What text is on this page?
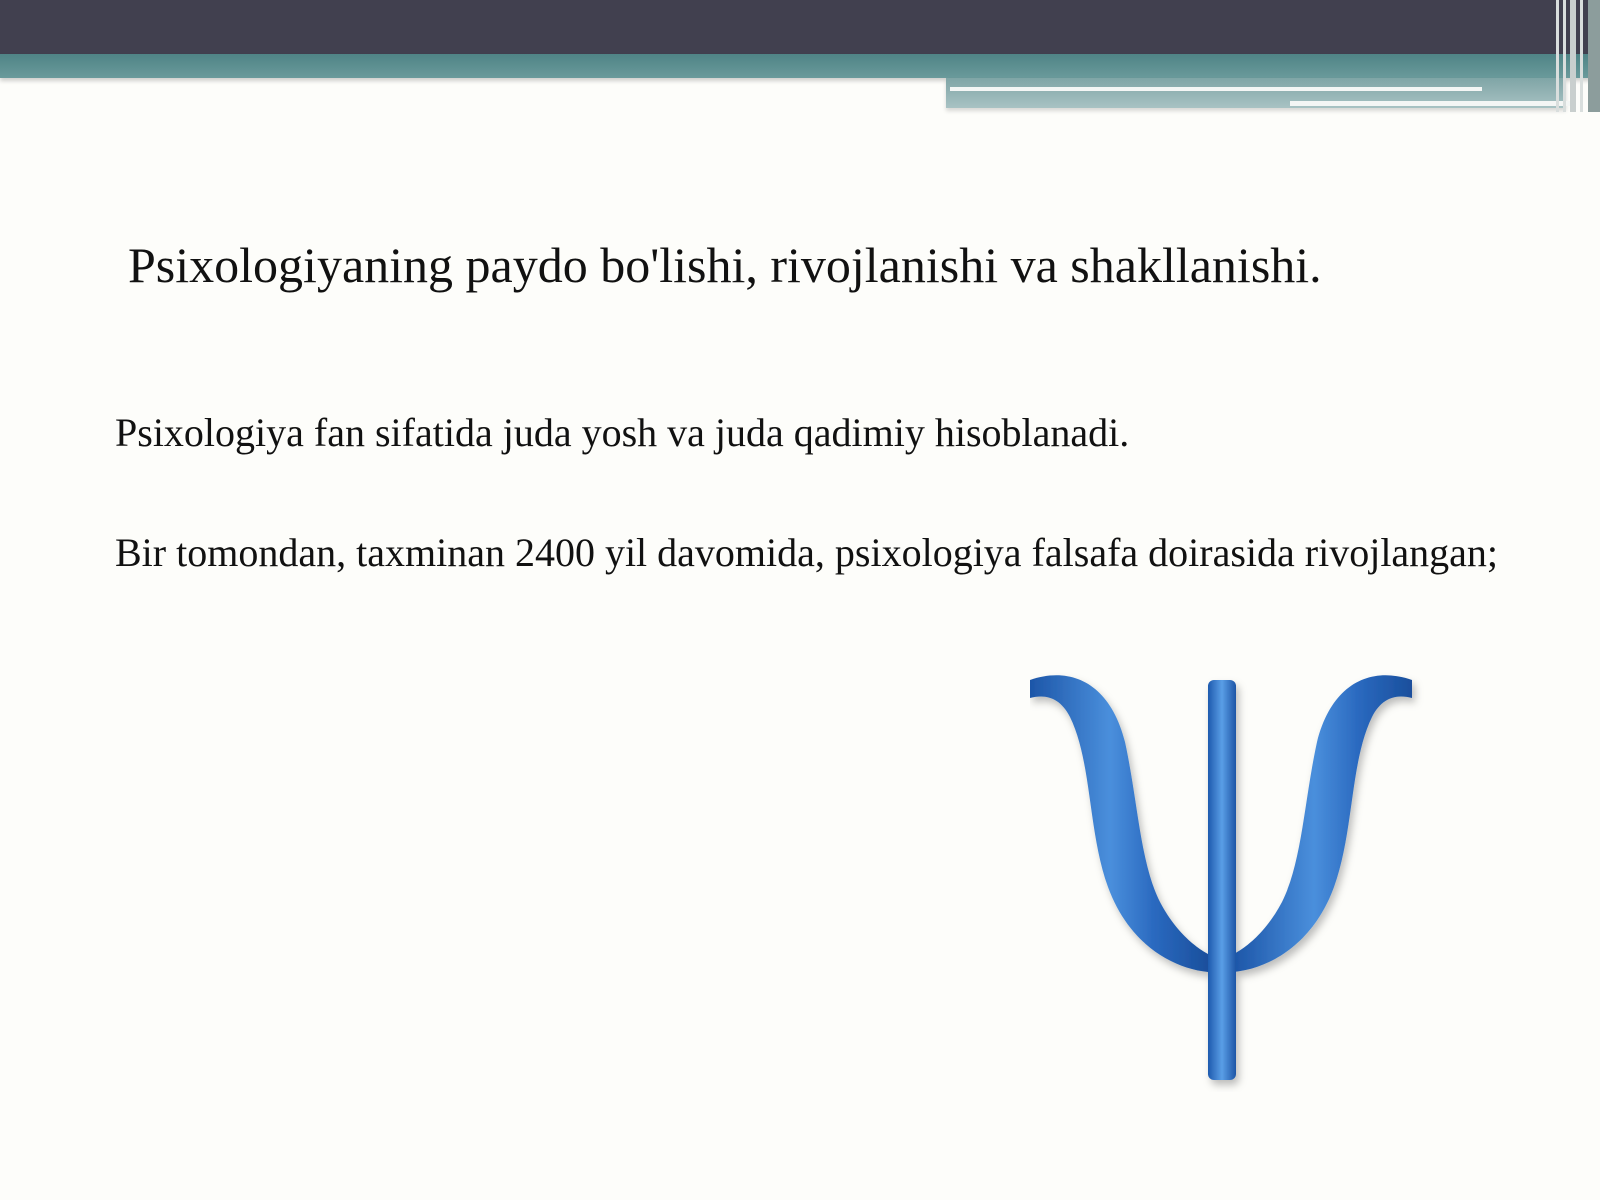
Psixologiyaning paydo bo'lishi, rivojlanishi va shakllanishi.

Psixologiya fan sifatida juda yosh va juda qadimiy hisoblanadi.

Bir tomondan, taxminan 2400 yil davomida, psixologiya falsafa doirasida rivojlangan;
